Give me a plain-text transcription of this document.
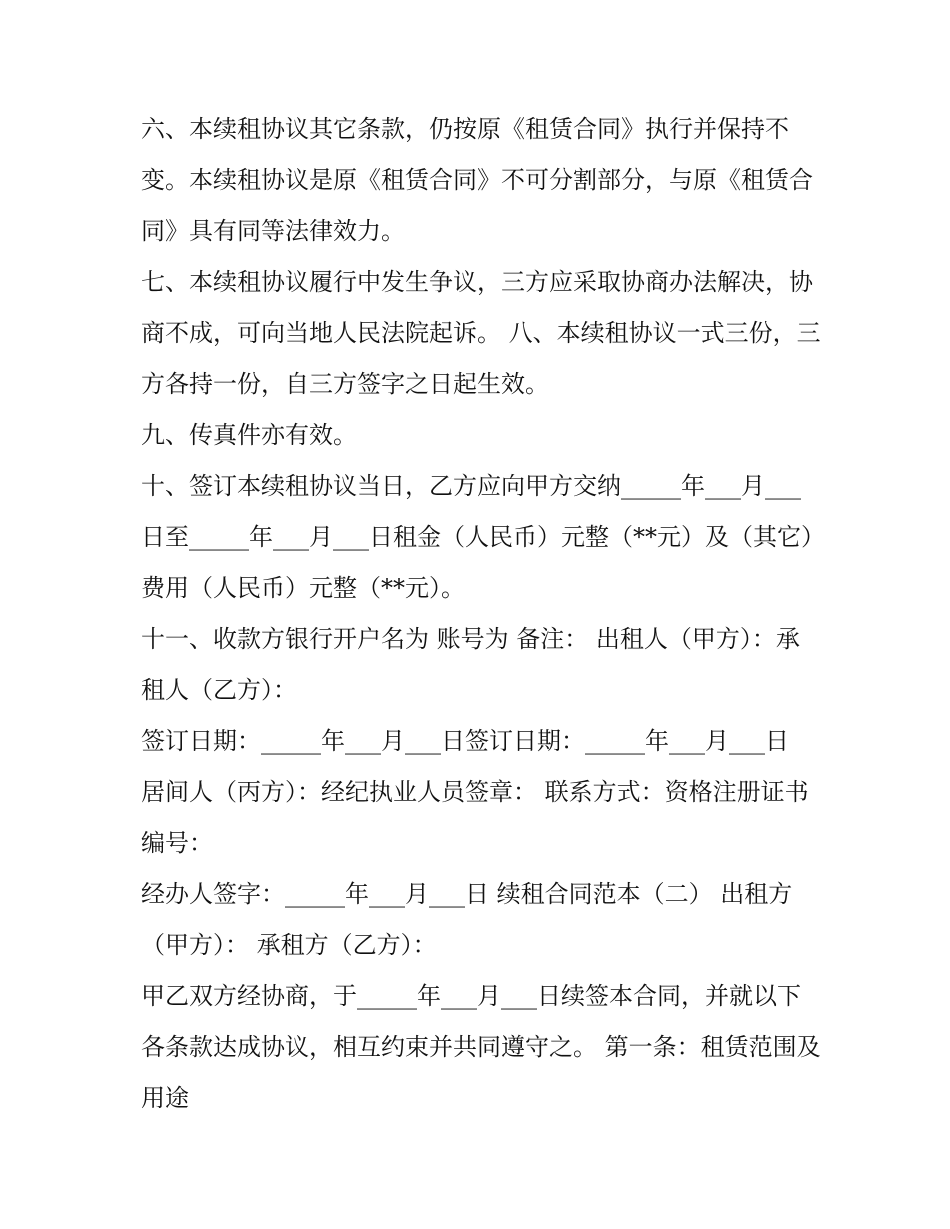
六、本续租协议其它条款，仍按原《租赁合同》执行并保持不变。本续租协议是原《租赁合同》不可分割部分，与原《租赁合同》具有同等法律效力。

七、本续租协议履行中发生争议，三方应采取协商办法解决，协商不成，可向当地人民法院起诉。 八、本续租协议一式三份，三方各持一份，自三方签字之日起生效。

九、传真件亦有效。

十、签订本续租协议当日，乙方应向甲方交纳_____年___月___日至_____年___月___日租金（人民币）元整（**元）及（其它）费用（人民币）元整（**元）。

十一、收款方银行开户名为 账号为 备注： 出租人（甲方）：承租人（乙方）：

签订日期：_____年___月___日签订日期：_____年___月___日

居间人（丙方）：经纪执业人员签章： 联系方式：资格注册证书编号：

经办人签字：_____年___月___日 续租合同范本（二） 出租方（甲方）： 承租方（乙方）：

甲乙双方经协商，于_____年___月___日续签本合同，并就以下各条款达成协议，相互约束并共同遵守之。 第一条：租赁范围及用途
